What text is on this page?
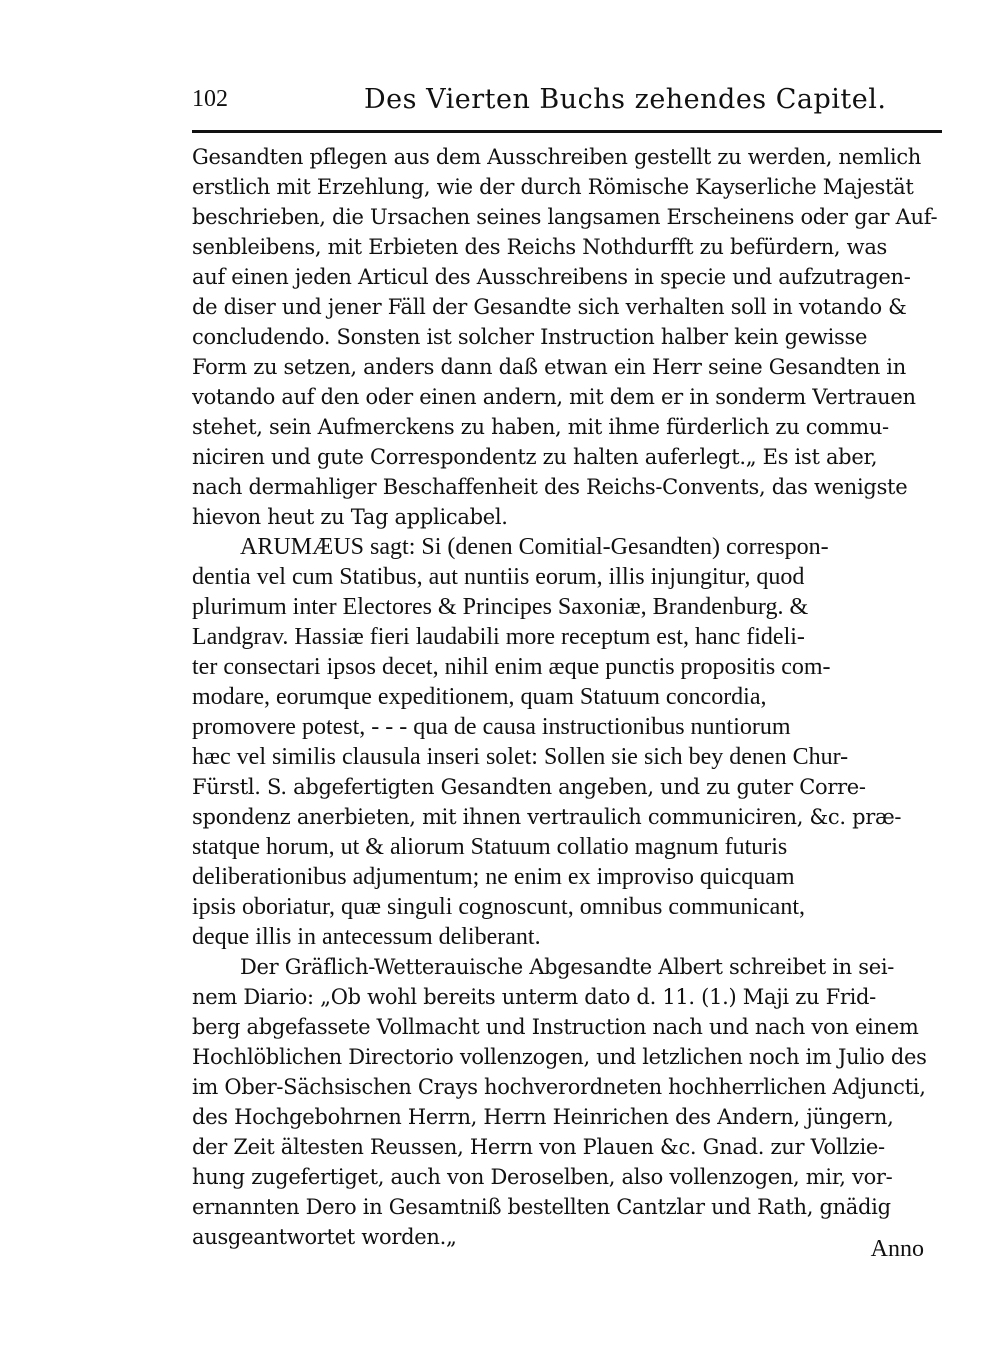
102	Des Vierten Buchs zehendes Capitel.
Gesandten pflegen aus dem Ausschreiben gestellt zu werden, nemlich
erstlich mit Erzehlung, wie der durch Römische Kayserliche Majestät
beschrieben, die Ursachen seines langsamen Erscheinens oder gar Auf-
senbleibens, mit Erbieten des Reichs Nothdurfft zu befürdern, was
auf einen jeden Articul des Ausschreibens in specie und aufzutragen-
de diser und jener Fäll der Gesandte sich verhalten soll in votando &
concludendo. Sonsten ist solcher Instruction halber kein gewisse
Form zu setzen, anders dann daß etwan ein Herr seine Gesandten in
votando auf den oder einen andern, mit dem er in sonderm Vertrauen
stehet, sein Aufmerckens zu haben, mit ihme fürderlich zu commu-
niciren und gute Correspondentz zu halten auferlegt.„ Es ist aber,
nach dermahliger Beschaffenheit des Reichs-Convents, das wenigste
hievon heut zu Tag applicabel.
ARUMÆUS sagt: Si (denen Comitial-Gesandten) correspon-
dentia vel cum Statibus, aut nuntiis eorum, illis injungitur, quod
plurimum inter Electores & Principes Saxoniæ, Brandenburg. &
Landgrav. Hassiæ fieri laudabili more receptum est, hanc fideli-
ter consectari ipsos decet, nihil enim æque punctis propositis com-
modare, eorumque expeditionem, quam Statuum concordia,
promovere potest, - - - qua de causa instructionibus nuntiorum
hæc vel similis clausula inseri solet: Sollen sie sich bey denen Chur-
Fürstl. S. abgefertigten Gesandten angeben, und zu guter Corre-
spondenz anerbieten, mit ihnen vertraulich communiciren, &c. præ-
statque horum, ut & aliorum Statuum collatio magnum futuris
deliberationibus adjumentum; ne enim ex improviso quicquam
ipsis oboriatur, quæ singuli cognoscunt, omnibus communicant,
deque illis in antecessum deliberant.
Der Gräflich-Wetterauische Abgesandte Albert schreibet in sei-
nem Diario: „Ob wohl bereits unterm dato d. 11. (1.) Maji zu Frid-
berg abgefassete Vollmacht und Instruction nach und nach von einem
Hochlöblichen Directorio vollenzogen, und letzlichen noch im Julio des
im Ober-Sächsischen Crays hochverordneten hochherrlichen Adjuncti,
des Hochgebohrnen Herrn, Herrn Heinrichen des Andern, jüngern,
der Zeit ältesten Reussen, Herrn von Plauen &c. Gnad. zur Vollzie-
hung zugefertiget, auch von Deroselben, also vollenzogen, mir, vor-
ernannten Dero in Gesamtniß bestellten Cantzlar und Rath, gnädig
ausgeantwortet worden.„	Anno
